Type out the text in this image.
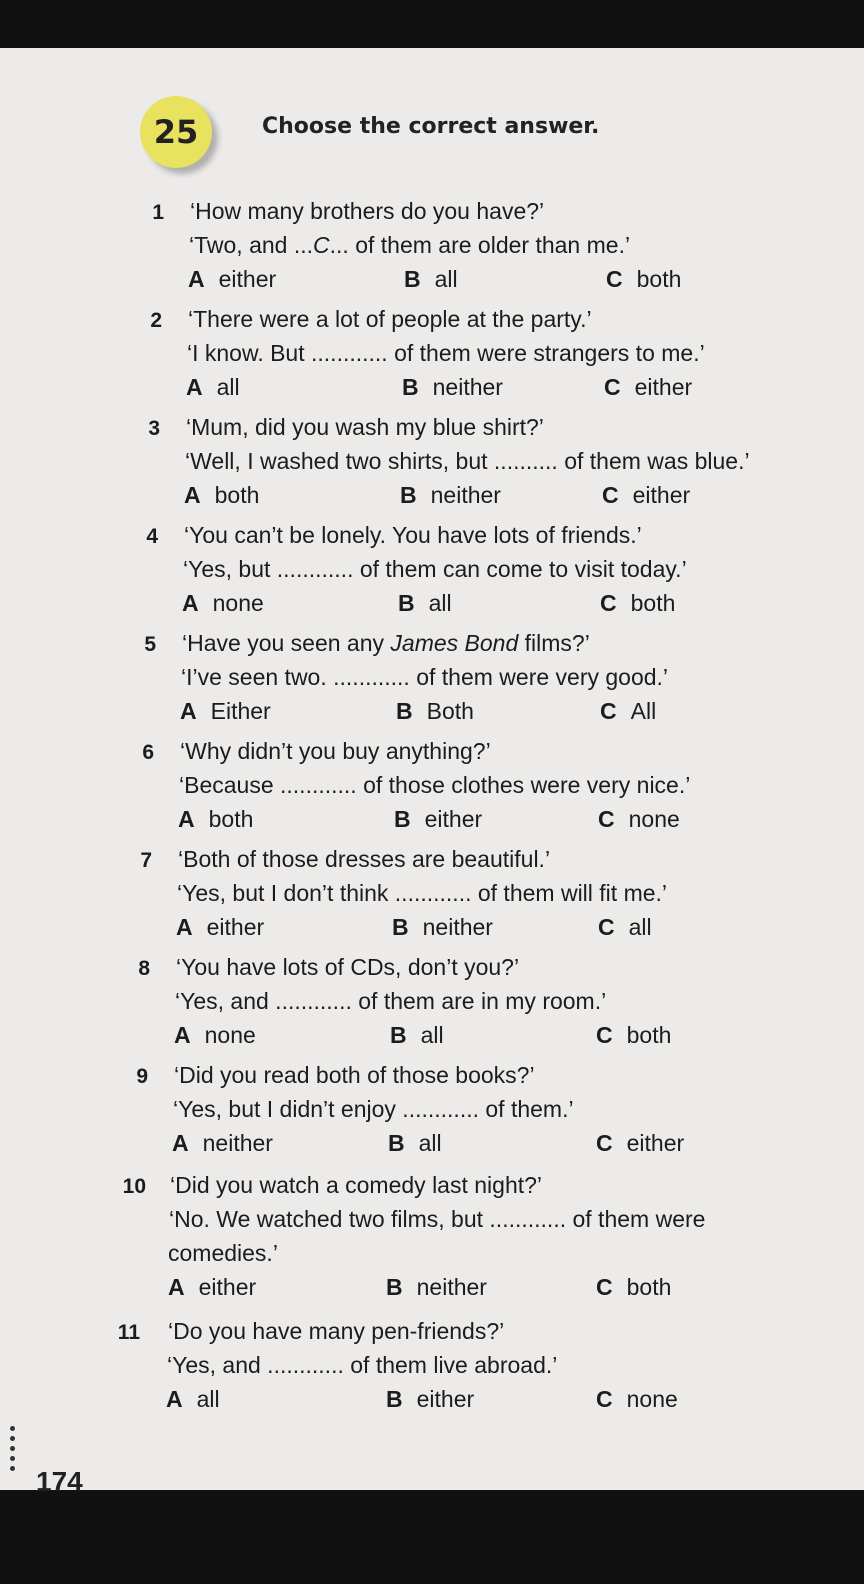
25	Choose the correct answer.
1 ‘How many brothers do you have?’
‘Two, and ...C... of them are older than me.’
A either	B all	C both
2 ‘There were a lot of people at the party.’
‘I know. But ............ of them were strangers to me.’
A all	B neither	C either
3 ‘Mum, did you wash my blue shirt?’
‘Well, I washed two shirts, but .......... of them was blue.’
A both	B neither	C either
4 ‘You can’t be lonely. You have lots of friends.’
‘Yes, but ............ of them can come to visit today.’
A none	B all	C both
5 ‘Have you seen any James Bond films?’
‘I’ve seen two. ............ of them were very good.’
A Either	B Both	C All
6 ‘Why didn’t you buy anything?’
‘Because ............ of those clothes were very nice.’
A both	B either	C none
7 ‘Both of those dresses are beautiful.’
‘Yes, but I don’t think ............ of them will fit me.’
A either	B neither	C all
8 ‘You have lots of CDs, don’t you?’
‘Yes, and ............ of them are in my room.’
A none	B all	C both
9 ‘Did you read both of those books?’
‘Yes, but I didn’t enjoy ............ of them.’
A neither	B all	C either
10 ‘Did you watch a comedy last night?’
‘No. We watched two films, but ............ of them were
comedies.’
A either	B neither	C both
11 ‘Do you have many pen-friends?’
‘Yes, and ............ of them live abroad.’
A all	B either	C none
174
